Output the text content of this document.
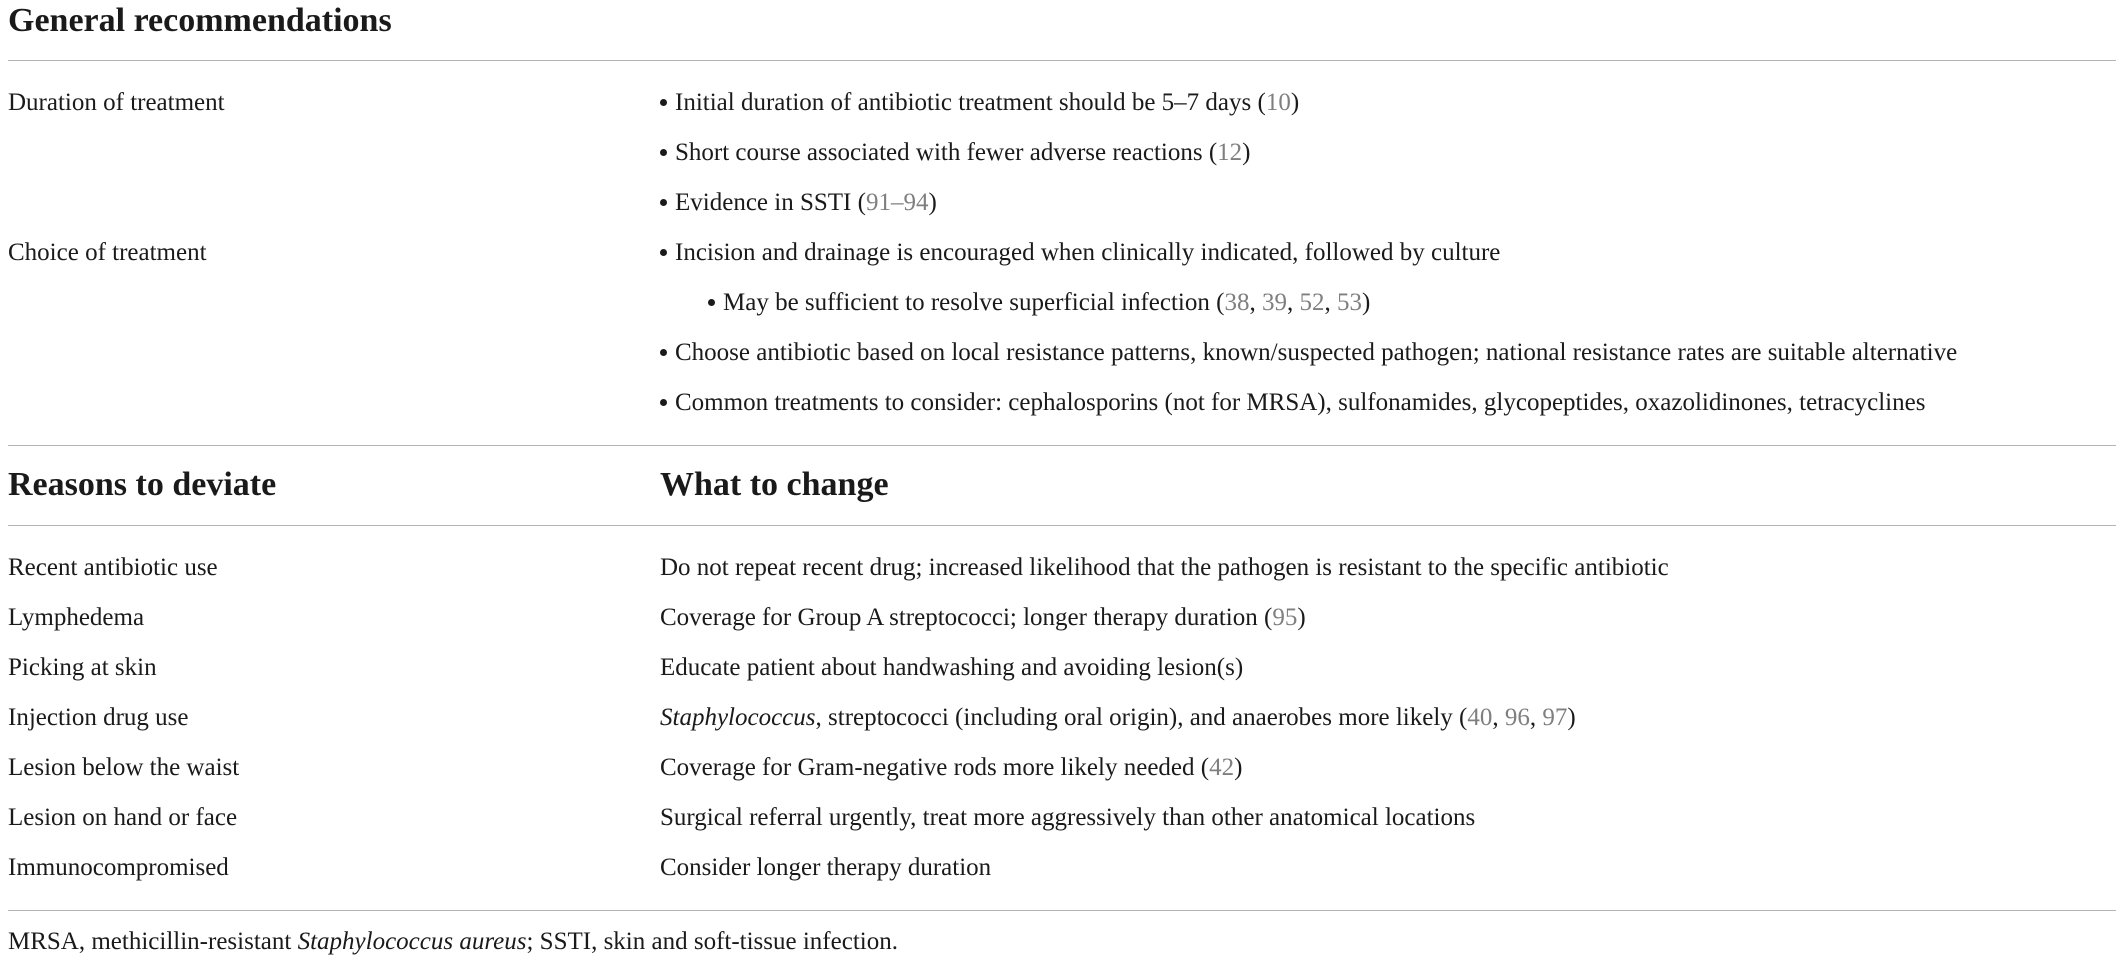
General recommendations
Duration of treatment	Initial duration of antibiotic treatment should be 5–7 days (10)
Short course associated with fewer adverse reactions (12)
Evidence in SSTI (91–94)
Choice of treatment	Incision and drainage is encouraged when clinically indicated, followed by culture
May be sufficient to resolve superficial infection (38, 39, 52, 53)
Choose antibiotic based on local resistance patterns, known/suspected pathogen; national resistance rates are suitable alternative
Common treatments to consider: cephalosporins (not for MRSA), sulfonamides, glycopeptides, oxazolidinones, tetracyclines
Reasons to deviate	What to change
Recent antibiotic use	Do not repeat recent drug; increased likelihood that the pathogen is resistant to the specific antibiotic
Lymphedema	Coverage for Group A streptococci; longer therapy duration (95)
Picking at skin	Educate patient about handwashing and avoiding lesion(s)
Injection drug use	Staphylococcus, streptococci (including oral origin), and anaerobes more likely (40, 96, 97)
Lesion below the waist	Coverage for Gram-negative rods more likely needed (42)
Lesion on hand or face	Surgical referral urgently, treat more aggressively than other anatomical locations
Immunocompromised	Consider longer therapy duration
MRSA, methicillin-resistant Staphylococcus aureus; SSTI, skin and soft-tissue infection.
